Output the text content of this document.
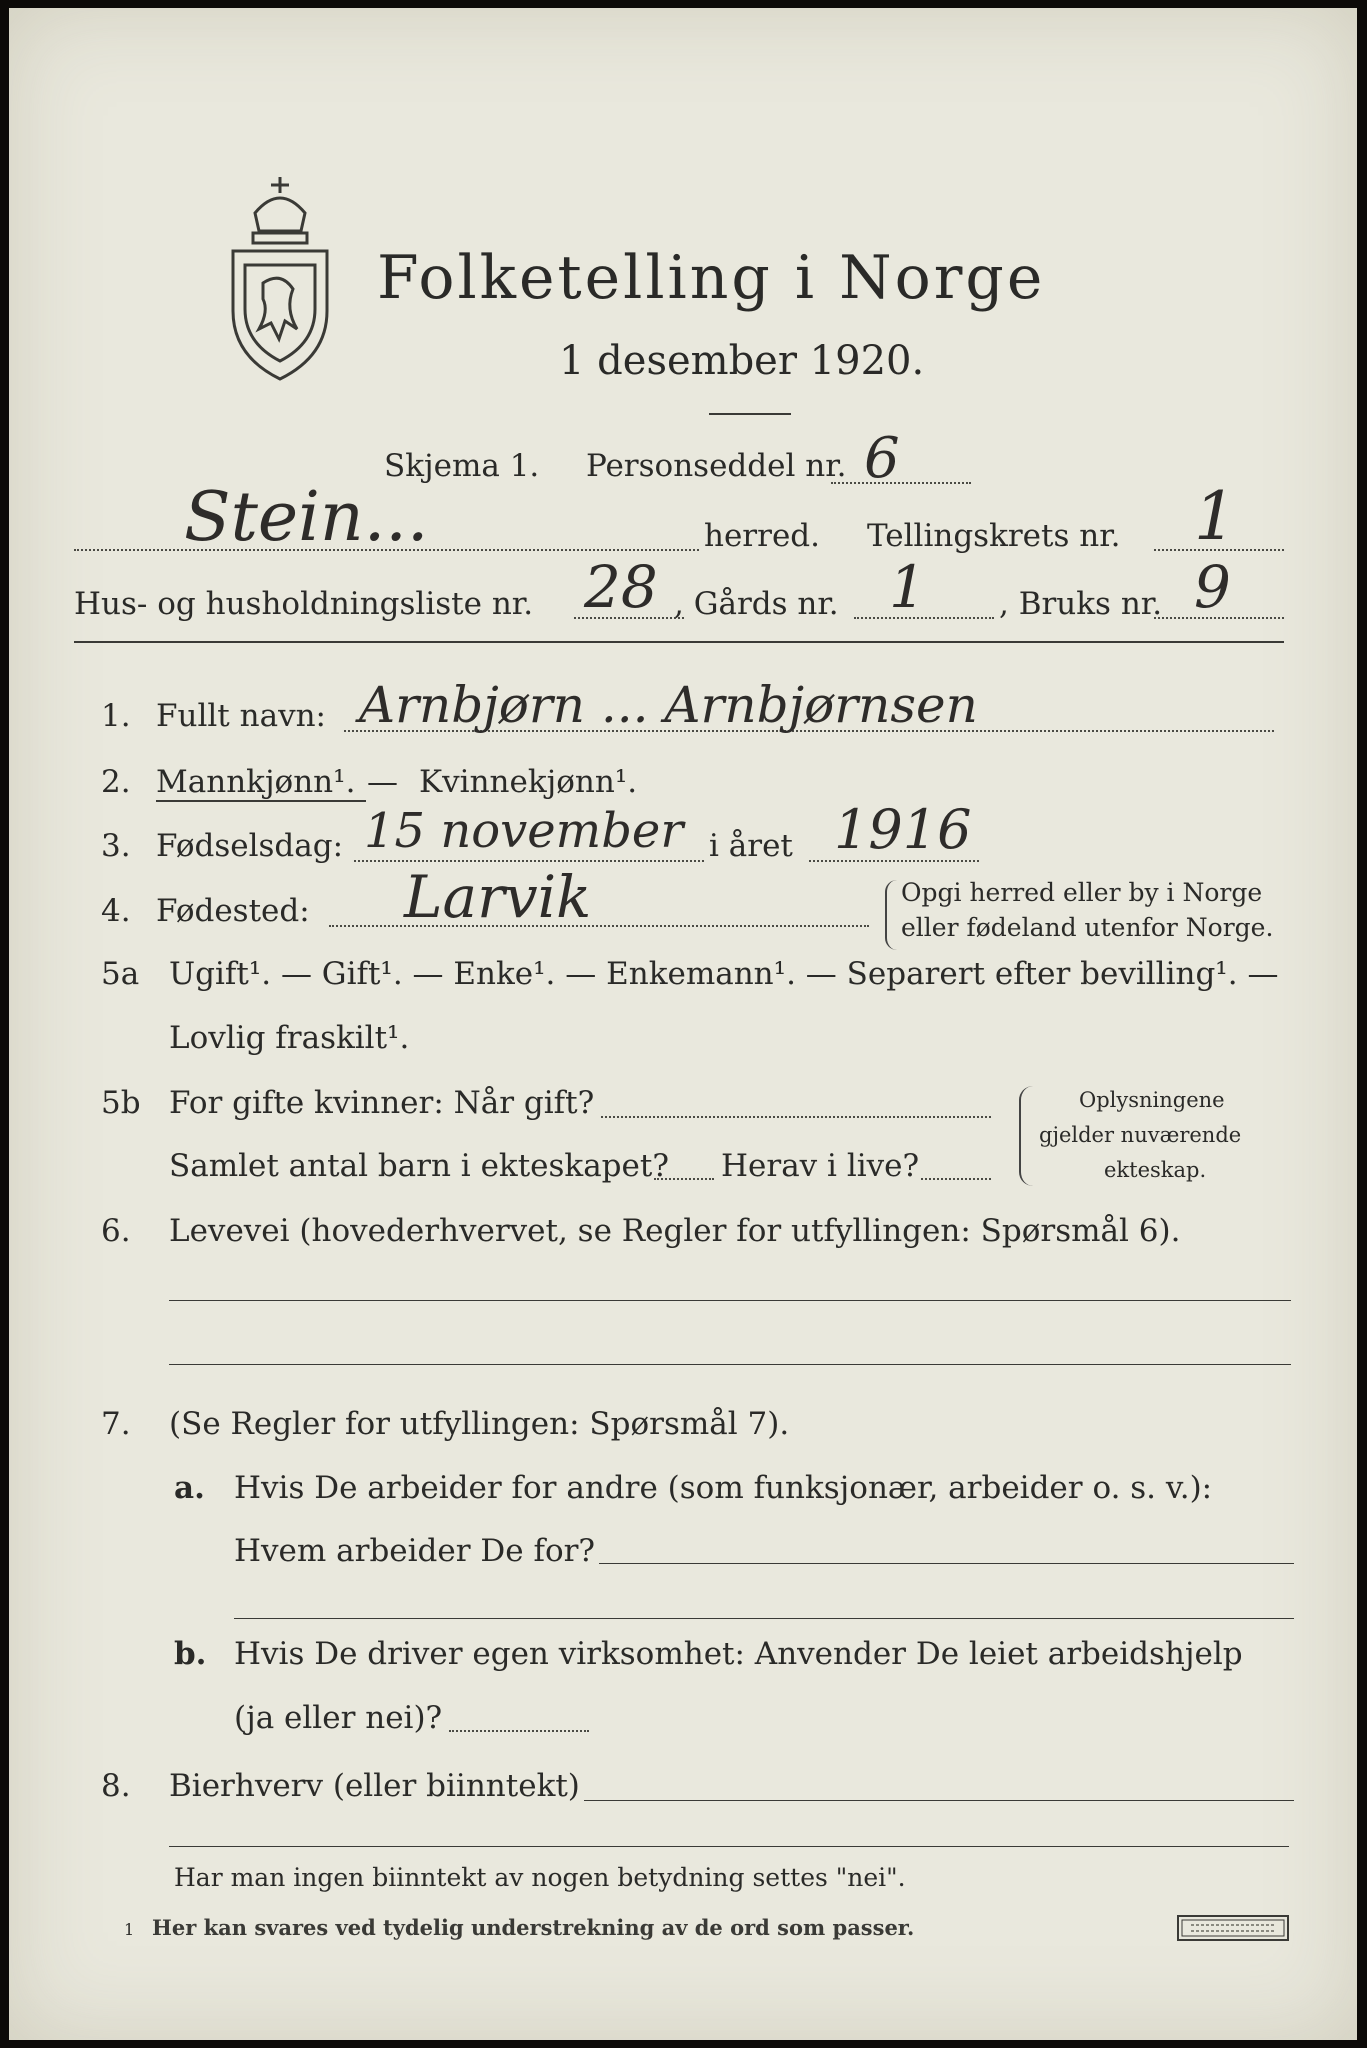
Folketelling i Norge
1 desember 1920.
Skjema 1. Personseddel nr. 6
Stein...	herred. Tellingskrets nr. 1
Hus- og husholdningsliste nr. 28 , Gårds nr. 1 , Bruks nr. 9
1. Fullt navn: Arnbjørn ... Arnbjørnsen
2. Mannkjønn¹. — Kvinnekjønn¹.
3. Fødselsdag: 15 november i året 1916
4. Fødested: Larvik	Opgi herred eller by i Norge
eller fødeland utenfor Norge.
5a Ugift¹. — Gift¹. — Enke¹. — Enkemann¹. — Separert efter bevilling¹. —
Lovlig fraskilt¹.
5b For gifte kvinner: Når gift?
Samlet antal barn i ekteskapet? Herav i live?
Oplysningene
gjelder nuværende
ekteskap.
6. Levevei (hovederhvervet, se Regler for utfyllingen: Spørsmål 6).
7. (Se Regler for utfyllingen: Spørsmål 7).
a. Hvis De arbeider for andre (som funksjonær, arbeider o. s. v.):
Hvem arbeider De for?
b. Hvis De driver egen virksomhet: Anvender De leiet arbeidshjelp
(ja eller nei)?
8. Bierhverv (eller biinntekt)
Har man ingen biinntekt av nogen betydning settes "nei".
1 Her kan svares ved tydelig understrekning av de ord som passer.
